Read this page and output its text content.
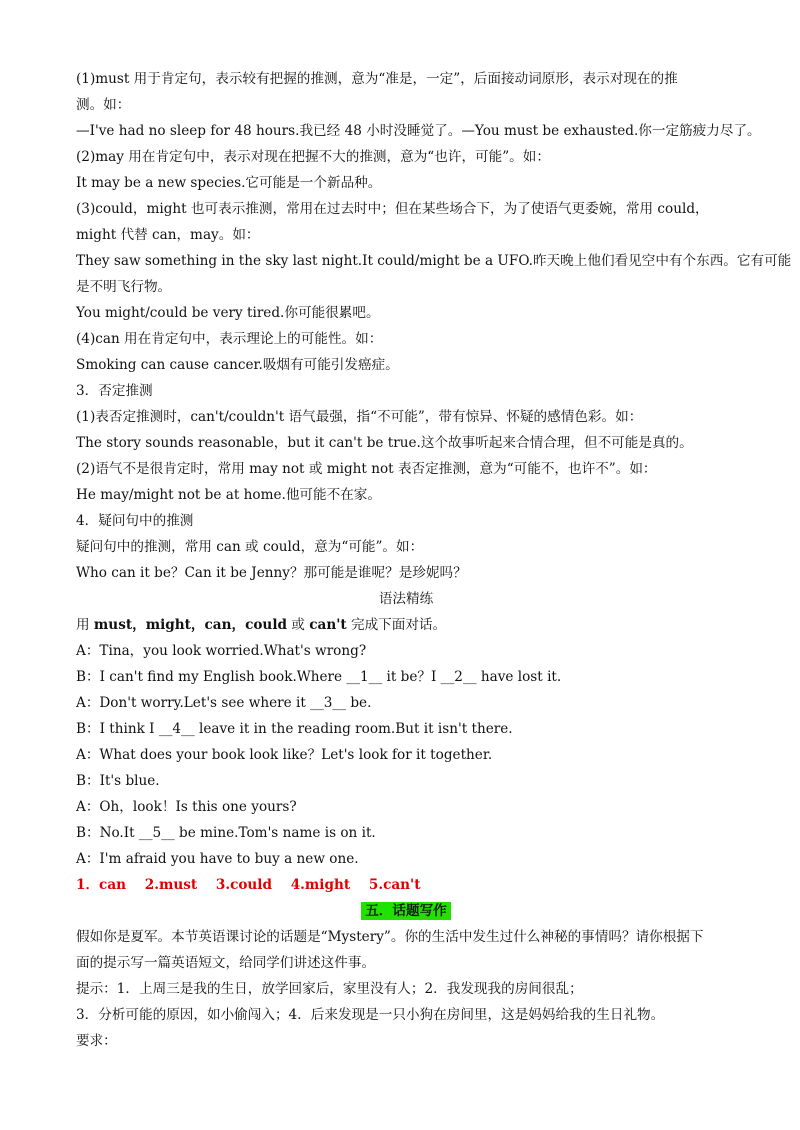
(1)must 用于肯定句，表示较有把握的推测，意为“准是，一定”，后面接动词原形，表示对现在的推
测。如：
—I've had no sleep for 48 hours.我已经 48 小时没睡觉了。—You must be exhausted.你一定筋疲力尽了。
(2)may 用在肯定句中，表示对现在把握不大的推测，意为“也许，可能”。如：
It may be a new species.它可能是一个新品种。
(3)could，might 也可表示推测，常用在过去时中；但在某些场合下，为了使语气更委婉，常用 could，
might 代替 can，may。如：
They saw something in the sky last night.It could/might be a UFO.昨天晚上他们看见空中有个东西。它有可能
是不明飞行物。
You might/could be very tired.你可能很累吧。
(4)can 用在肯定句中，表示理论上的可能性。如：
Smoking can cause cancer.吸烟有可能引发癌症。
3．否定推测
(1)表否定推测时，can't/couldn't 语气最强，指“不可能”，带有惊异、怀疑的感情色彩。如：
The story sounds reasonable，but it can't be true.这个故事听起来合情合理，但不可能是真的。
(2)语气不是很肯定时，常用 may not 或 might not 表否定推测，意为“可能不，也许不”。如：
He may/might not be at home.他可能不在家。
4．疑问句中的推测
疑问句中的推测，常用 can 或 could，意为“可能”。如：
Who can it be？Can it be Jenny？那可能是谁呢？是珍妮吗？
语法精练
用 must，might，can，could 或 can't 完成下面对话。
A：Tina，you look worried.What's wrong?
B：I can't find my English book.Where __1__ it be？I __2__ have lost it.
A：Don't worry.Let's see where it __3__ be.
B：I think I __4__ leave it in the reading room.But it isn't there.
A：What does your book look like？Let's look for it together.
B：It's blue.
A：Oh，look！Is this one yours?
B：No.It __5__ be mine.Tom's name is on it.
A：I'm afraid you have to buy a new one.
1．can 2.must 3.could 4.might 5.can't
五．话题写作
假如你是夏军。本节英语课讨论的话题是“Mystery”。你的生活中发生过什么神秘的事情吗？请你根据下
面的提示写一篇英语短文，给同学们讲述这件事。
提示：1．上周三是我的生日，放学回家后，家里没有人；2．我发现我的房间很乱；
3．分析可能的原因，如小偷闯入；4．后来发现是一只小狗在房间里，这是妈妈给我的生日礼物。
要求：
